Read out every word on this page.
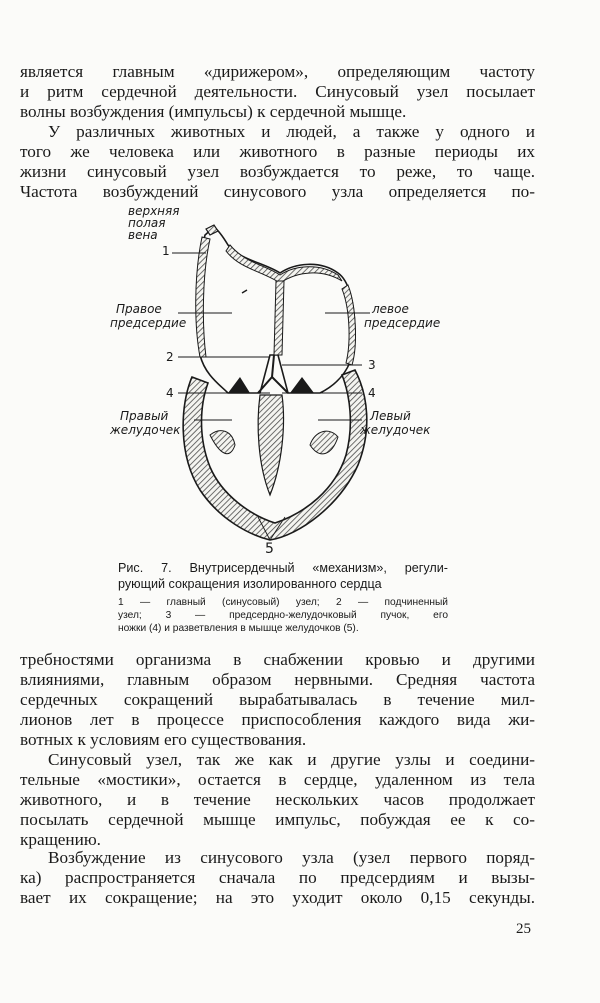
является главным «дирижером», определяющим частоту
и ритм сердечной деятельности. Синусовый узел посылает
волны возбуждения (импульсы) к сердечной мышце.
У различных животных и людей, а также у одного и
того же человека или животного в разные периоды их
жизни синусовый узел возбуждается то реже, то чаще.
Частота возбуждений синусового узла определяется по-
верхняя
полая
вена
1
Правое
предсердие
левое
предсердие
2
3
4	4
Правый
желудочек
Левый
желудочек
5
Рис. 7. Внутрисердечный «механизм», регули-
рующий сокращения изолированного сердца
1 — главный (синусовый) узел; 2 — подчиненный
узел; 3 — предсердно-желудочковый пучок, его
ножки (4) и разветвления в мышце желудочков (5).
требностями организма в снабжении кровью и другими
влияниями, главным образом нервными. Средняя частота
сердечных сокращений вырабатывалась в течение мил-
лионов лет в процессе приспособления каждого вида жи-
вотных к условиям его существования.
Синусовый узел, так же как и другие узлы и соедини-
тельные «мостики», остается в сердце, удаленном из тела
животного, и в течение нескольких часов продолжает
посылать сердечной мышце импульс, побуждая ее к со-
кращению.
Возбуждение из синусового узла (узел первого поряд-
ка) распространяется сначала по предсердиям и вызы-
вает их сокращение; на это уходит около 0,15 секунды.
25
